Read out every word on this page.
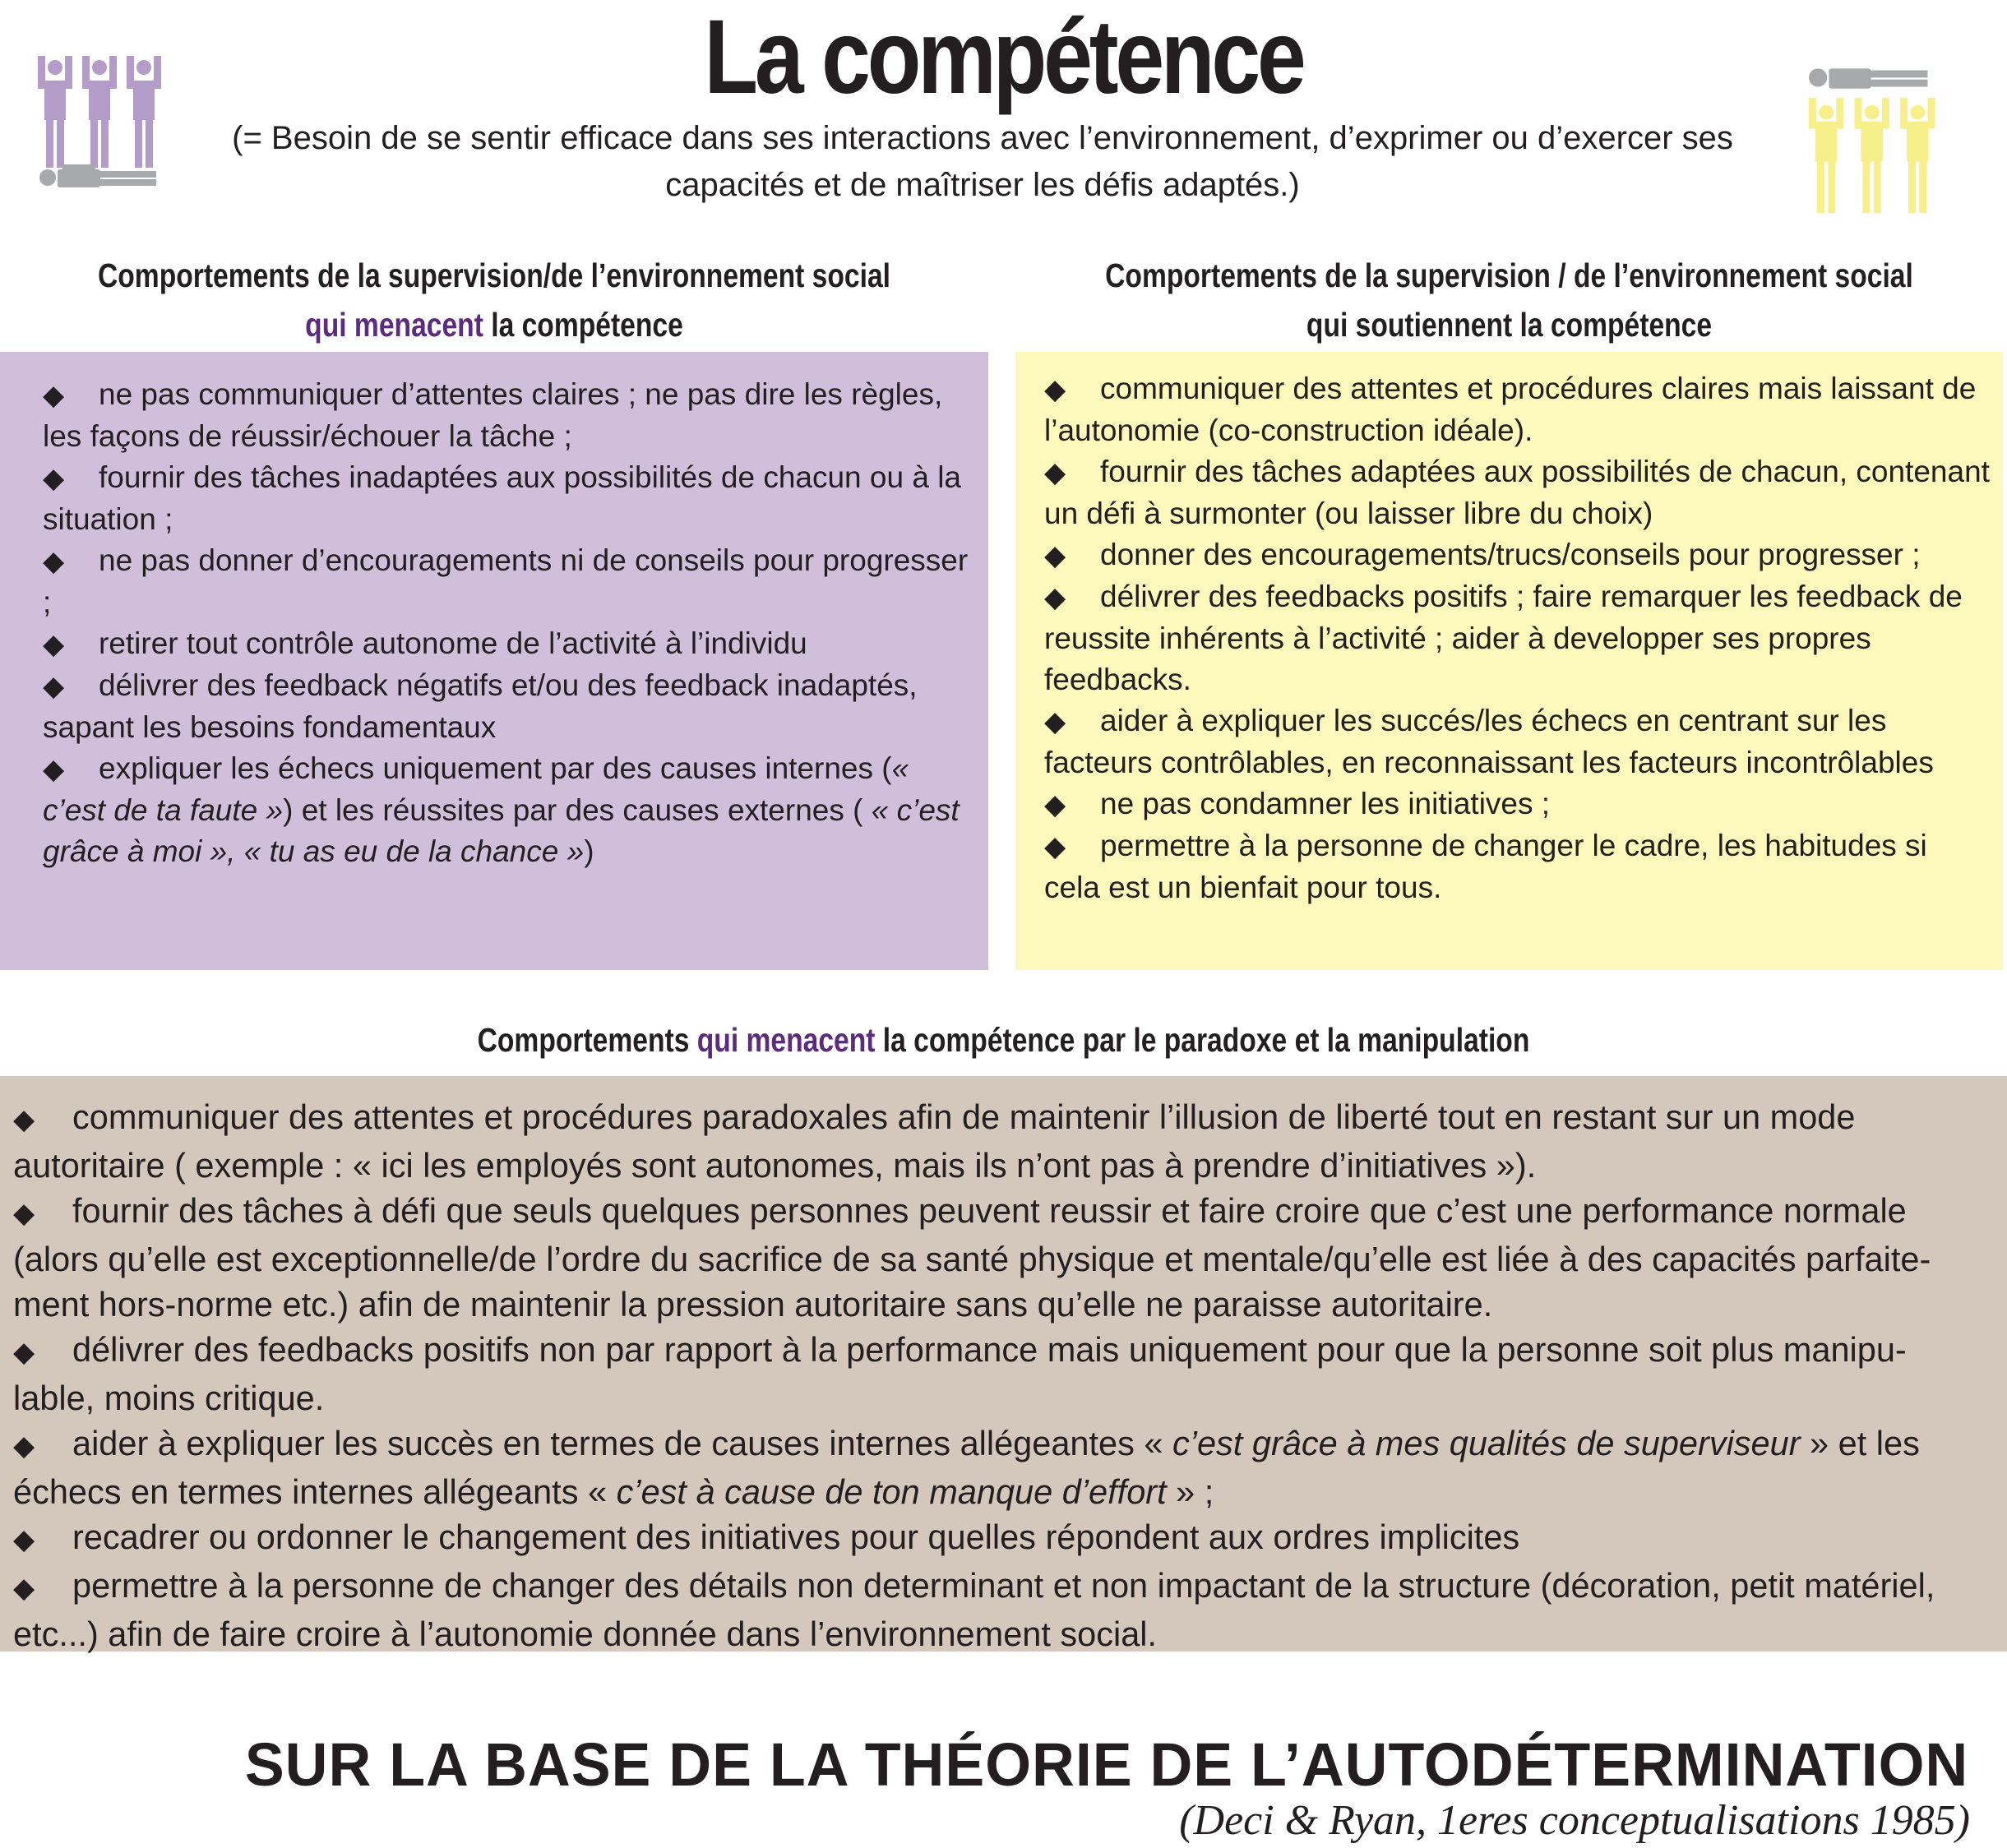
La compétence
(= Besoin de se sentir efficace dans ses interactions avec l’environnement, d’exprimer ou d’exercer ses
capacités et de maîtriser les défis adaptés.)
Comportements de la supervision/de l’environnement social
qui menacent la compétence
Comportements de la supervision / de l’environnement social
qui soutiennent la compétence
◆ ne pas communiquer d’attentes claires ; ne pas dire les règles, les façons de réussir/échouer la tâche ;
◆ fournir des tâches inadaptées aux possibilités de chacun ou à la situation ;
◆ ne pas donner d’encouragements ni de conseils pour progresser ;
◆ retirer tout contrôle autonome de l’activité à l’individu
◆ délivrer des feedback négatifs et/ou des feedback inadaptés, sapant les besoins fondamentaux
◆ expliquer les échecs uniquement par des causes internes (« c’est de ta faute ») et les réussites par des causes externes ( « c’est grâce à moi », « tu as eu de la chance »)
◆ communiquer des attentes et procédures claires mais laissant de l’autonomie (co-construction idéale).
◆ fournir des tâches adaptées aux possibilités de chacun, contenant un défi à surmonter (ou laisser libre du choix)
◆ donner des encouragements/trucs/conseils pour progresser ;
◆ délivrer des feedbacks positifs ; faire remarquer les feedback de reussite inhérents à l’activité ; aider à developper ses propres feedbacks.
◆ aider à expliquer les succés/les échecs en centrant sur les facteurs contrôlables, en reconnaissant les facteurs incontrôlables
◆ ne pas condamner les initiatives ;
◆ permettre à la personne de changer le cadre, les habitudes si cela est un bienfait pour tous.
Comportements qui menacent la compétence par le paradoxe et la manipulation
◆ communiquer des attentes et procédures paradoxales afin de maintenir l’illusion de liberté tout en restant sur un mode autoritaire ( exemple : « ici les employés sont autonomes, mais ils n’ont pas à prendre d’initiatives »).
◆ fournir des tâches à défi que seuls quelques personnes peuvent reussir et faire croire que c’est une performance normale (alors qu’elle est exceptionnelle/de l’ordre du sacrifice de sa santé physique et mentale/qu’elle est liée à des capacités parfaite-ment hors-norme etc.) afin de maintenir la pression autoritaire sans qu’elle ne paraisse autoritaire.
◆ délivrer des feedbacks positifs non par rapport à la performance mais uniquement pour que la personne soit plus manipu-lable, moins critique.
◆ aider à expliquer les succès en termes de causes internes allégeantes « c’est grâce à mes qualités de superviseur » et les échecs en termes internes allégeants « c’est à cause de ton manque d’effort » ;
◆ recadrer ou ordonner le changement des initiatives pour quelles répondent aux ordres implicites
◆ permettre à la personne de changer des détails non determinant et non impactant de la structure (décoration, petit matériel, etc...) afin de faire croire à l’autonomie donnée dans l’environnement social.
SUR LA BASE DE LA THÉORIE DE L’AUTODÉTERMINATION
(Deci & Ryan, 1eres conceptualisations 1985)
